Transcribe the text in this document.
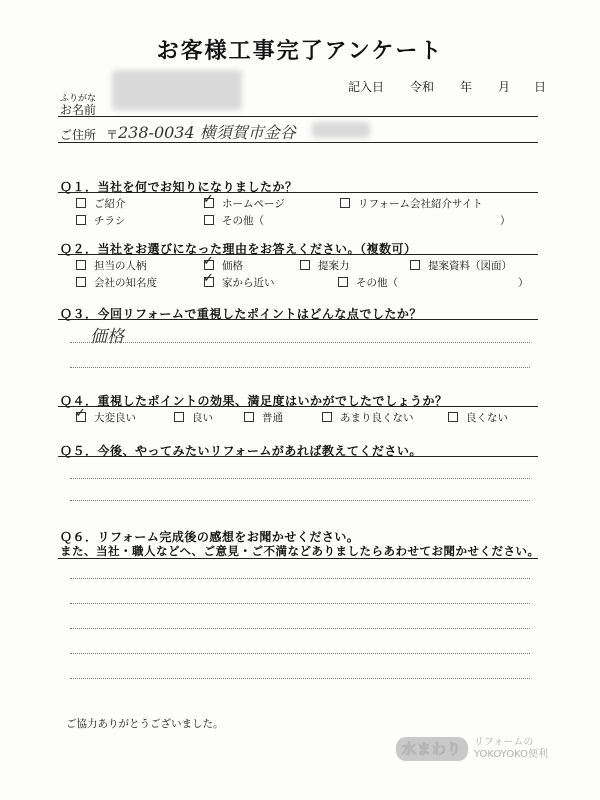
お客様工事完了アンケート
記入日 令和 年 月 日
ふりがな
お名前
ご住所 〒 238-0034 横須賀市金谷
Ｑ１．当社を何でお知りになりましたか？
ご紹介	✓ ホームページ	リフォーム会社紹介サイト
チラシ	その他（	）
Ｑ２．当社をお選びになった理由をお答えください。（複数可）
担当の人柄	✓ 価格	提案力	提案資料（図面）
会社の知名度	✓ 家から近い	その他（	）
Ｑ３．今回リフォームで重視したポイントはどんな点でしたか？
価格
Ｑ４．重視したポイントの効果、満足度はいかがでしたでしょうか？
✓ 大変良い	良い	普通	あまり良くない	良くない
Ｑ５．今後、やってみたいリフォームがあれば教えてください。
Ｑ６．リフォーム完成後の感想をお聞かせください。
また、当社・職人などへ、ご意見・ご不満などありましたらあわせてお聞かせください。
ご協力ありがとうございました。
水まわり	リフォームの
YOKOYOKO便利
